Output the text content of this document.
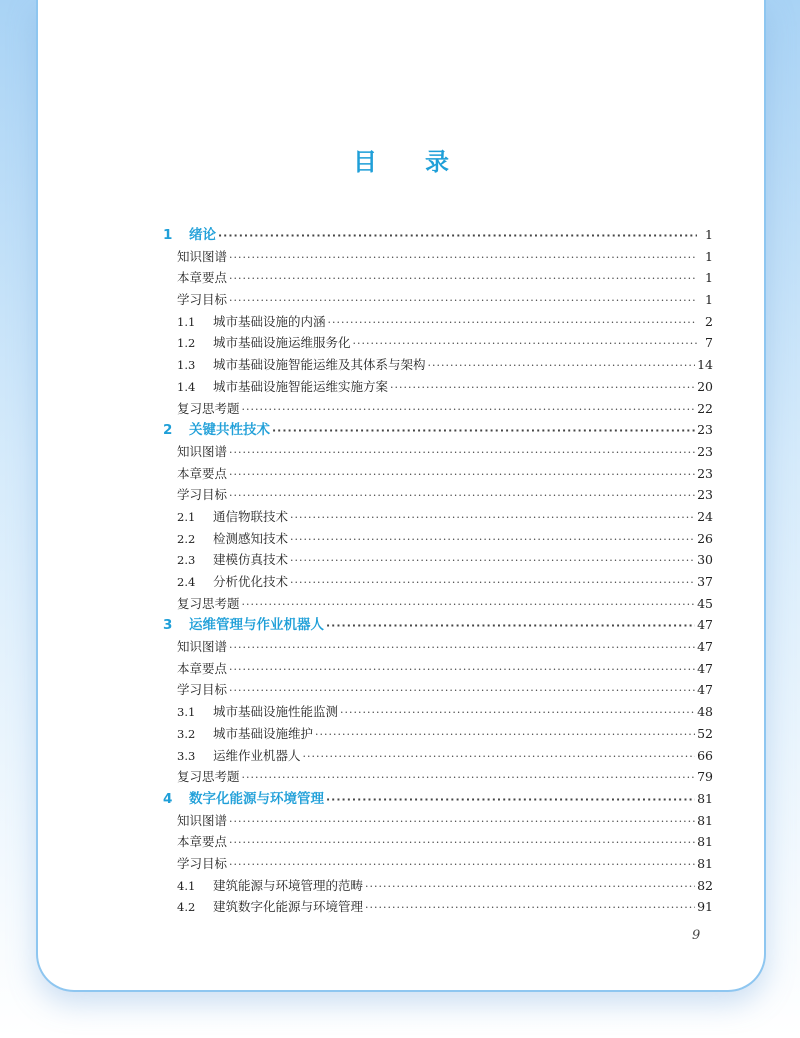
目 录
1	绪论 ·····	1
知识图谱 ·····	1
本章要点 ·····	1
学习目标 ·····	1
1.1	城市基础设施的内涵 ·····	2
1.2	城市基础设施运维服务化 ·····	7
1.3	城市基础设施智能运维及其体系与架构 ·····	14
1.4	城市基础设施智能运维实施方案 ·····	20
复习思考题 ·····	22
2	关键共性技术 ·····	23
知识图谱 ·····	23
本章要点 ·····	23
学习目标 ·····	23
2.1	通信物联技术 ·····	24
2.2	检测感知技术 ·····	26
2.3	建模仿真技术 ·····	30
2.4	分析优化技术 ·····	37
复习思考题 ·····	45
3	运维管理与作业机器人 ·····	47
知识图谱 ·····	47
本章要点 ·····	47
学习目标 ·····	47
3.1	城市基础设施性能监测 ·····	48
3.2	城市基础设施维护 ·····	52
3.3	运维作业机器人 ·····	66
复习思考题 ·····	79
4	数字化能源与环境管理 ·····	81
知识图谱 ·····	81
本章要点 ·····	81
学习目标 ·····	81
4.1	建筑能源与环境管理的范畴 ·····	82
4.2	建筑数字化能源与环境管理 ·····	91
9
